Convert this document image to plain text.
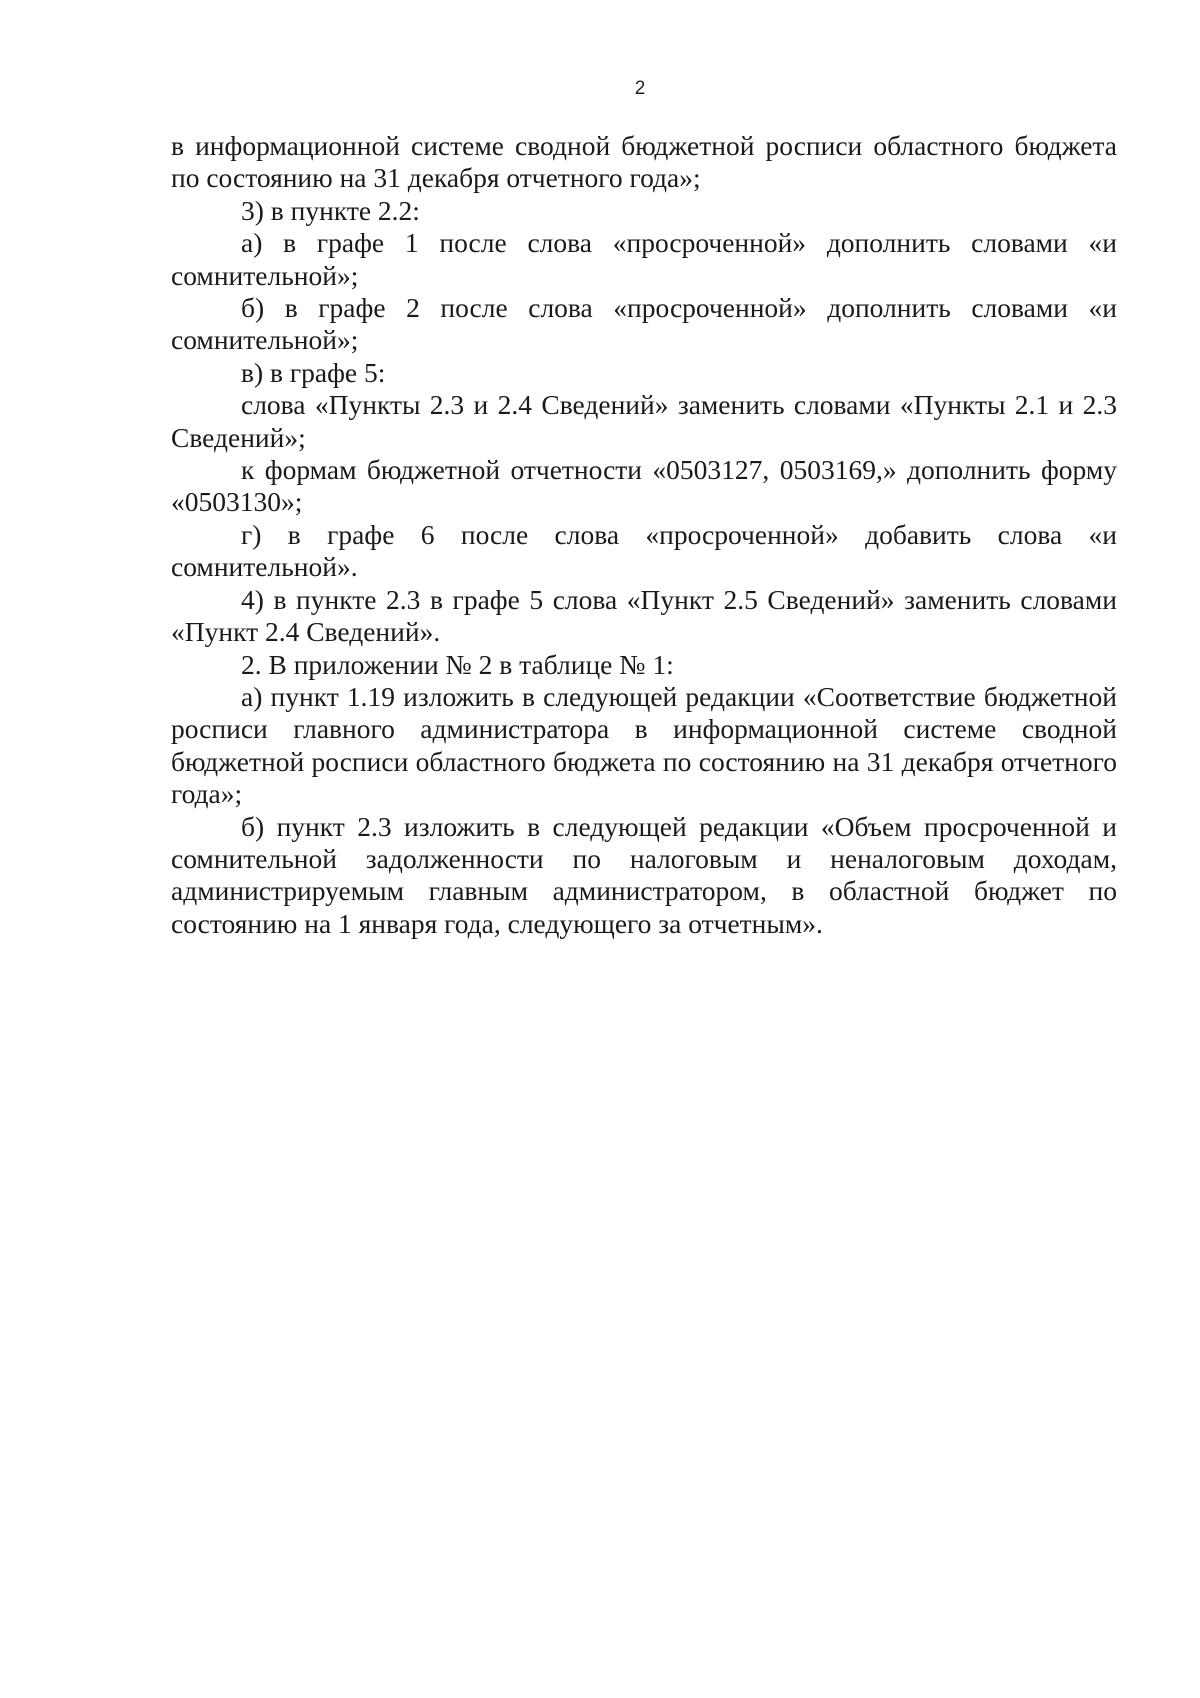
2

в информационной системе сводной бюджетной росписи областного бюджета по состоянию на 31 декабря отчетного года»;

3) в пункте 2.2:

а) в графе 1 после слова «просроченной» дополнить словами «и сомнительной»;

б) в графе 2 после слова «просроченной» дополнить словами «и сомнительной»;

в) в графе 5:

слова «Пункты 2.3 и 2.4 Сведений» заменить словами «Пункты 2.1 и 2.3 Сведений»;

к формам бюджетной отчетности «0503127, 0503169,» дополнить форму «0503130»;

г) в графе 6 после слова «просроченной» добавить слова «и сомнительной».

4) в пункте 2.3 в графе 5 слова «Пункт 2.5 Сведений» заменить словами «Пункт 2.4 Сведений».

2. В приложении № 2 в таблице № 1:

а) пункт 1.19 изложить в следующей редакции «Соответствие бюджетной росписи главного администратора в информационной системе сводной бюджетной росписи областного бюджета по состоянию на 31 декабря отчетного года»;

б) пункт 2.3 изложить в следующей редакции «Объем просроченной и сомнительной задолженности по налоговым и неналоговым доходам, администрируемым главным администратором, в областной бюджет по состоянию на 1 января года, следующего за отчетным».
